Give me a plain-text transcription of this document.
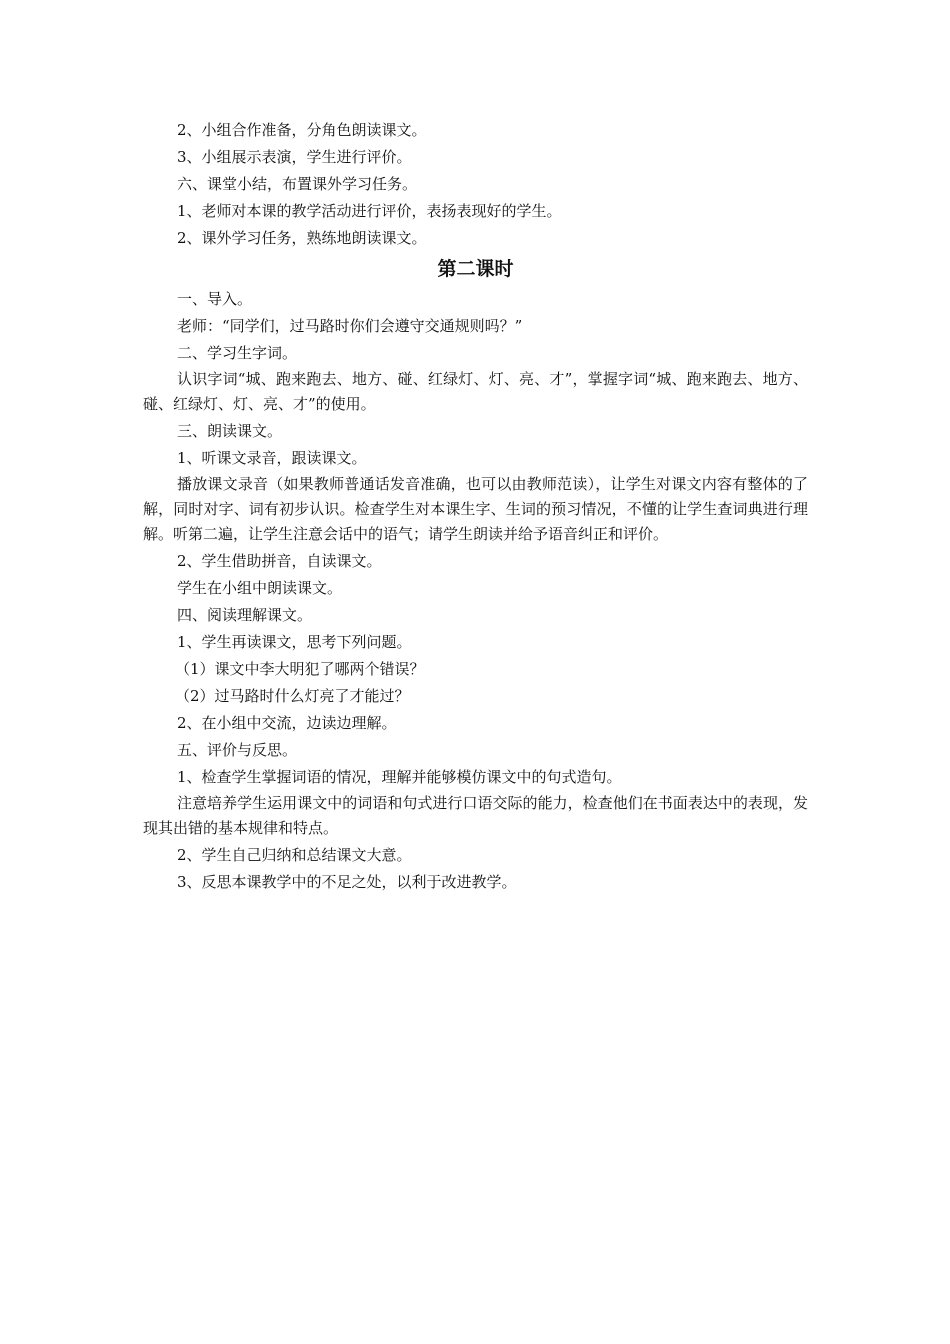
2、小组合作准备，分角色朗读课文。
3、小组展示表演，学生进行评价。
六、课堂小结，布置课外学习任务。
1、老师对本课的教学活动进行评价，表扬表现好的学生。
2、课外学习任务，熟练地朗读课文。
第二课时
一、导入。
老师：“同学们，过马路时你们会遵守交通规则吗？”
二、学习生字词。
认识字词“城、跑来跑去、地方、碰、红绿灯、灯、亮、才”，掌握字词“城、跑来跑去、地方、碰、红绿灯、灯、亮、才”的使用。
三、朗读课文。
1、听课文录音，跟读课文。
播放课文录音（如果教师普通话发音准确，也可以由教师范读），让学生对课文内容有整体的了解，同时对字、词有初步认识。检查学生对本课生字、生词的预习情况，不懂的让学生查词典进行理解。听第二遍，让学生注意会话中的语气；请学生朗读并给予语音纠正和评价。
2、学生借助拼音，自读课文。
学生在小组中朗读课文。
四、阅读理解课文。
1、学生再读课文，思考下列问题。
（1）课文中李大明犯了哪两个错误？
（2）过马路时什么灯亮了才能过？
2、在小组中交流，边读边理解。
五、评价与反思。
1、检查学生掌握词语的情况，理解并能够模仿课文中的句式造句。
注意培养学生运用课文中的词语和句式进行口语交际的能力，检查他们在书面表达中的表现，发现其出错的基本规律和特点。
2、学生自己归纳和总结课文大意。
3、反思本课教学中的不足之处，以利于改进教学。
